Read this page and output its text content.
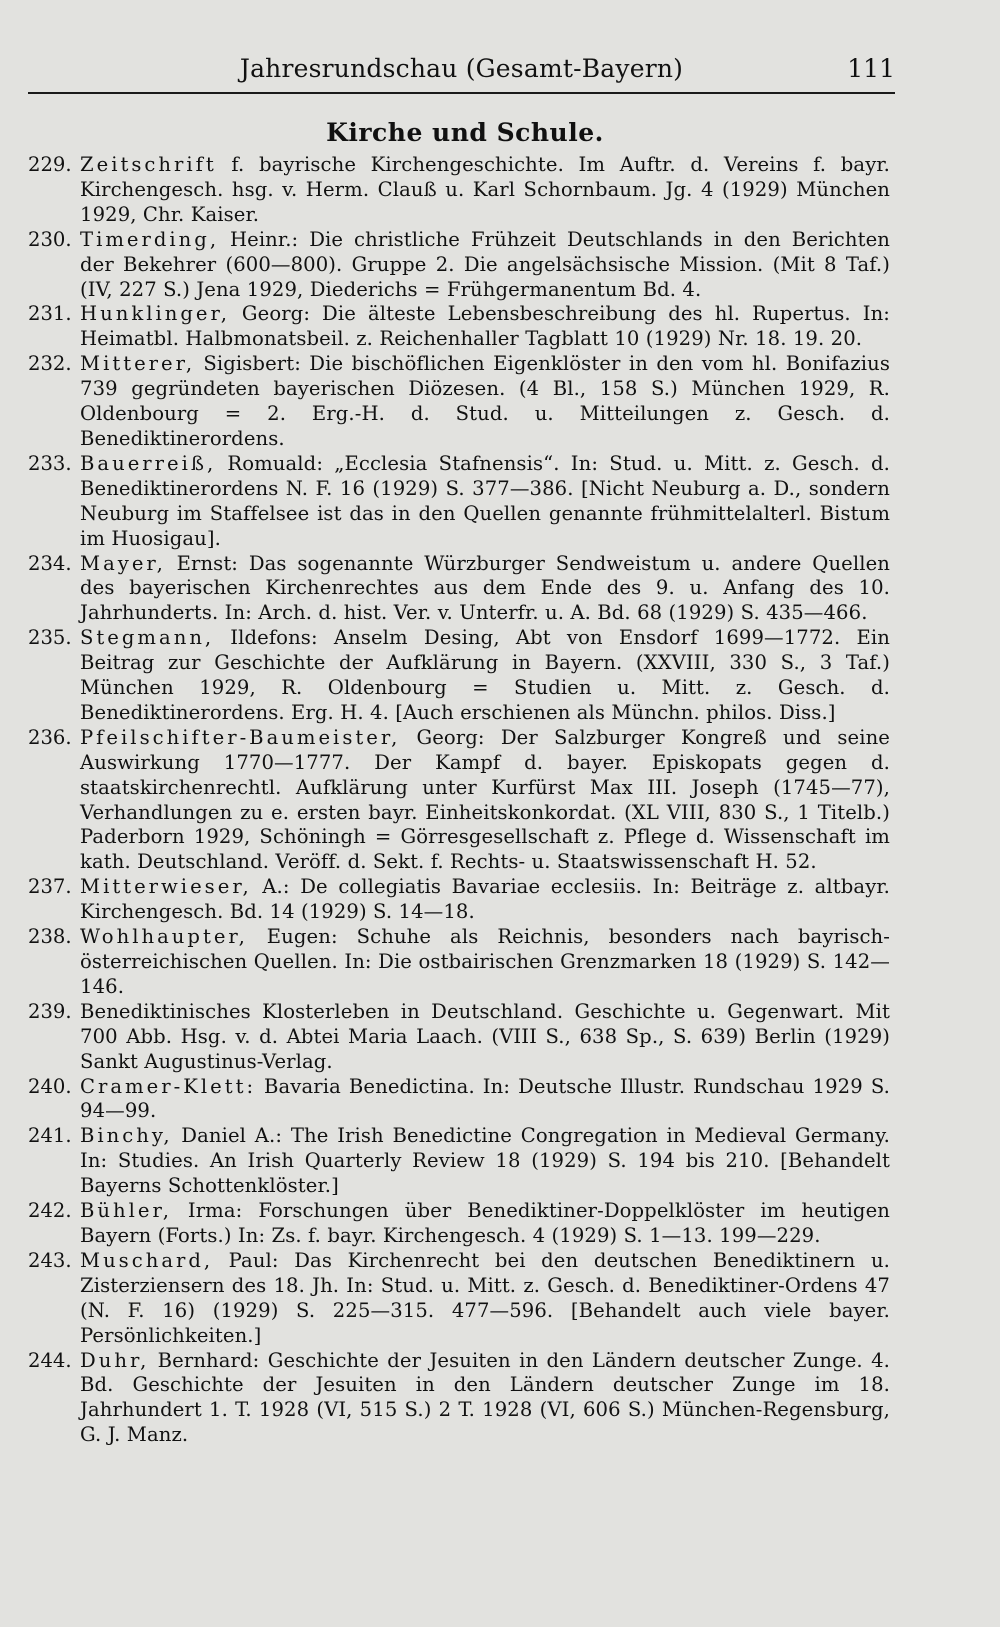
Jahresrundschau (Gesamt-Bayern)	111
Kirche und Schule.
229. Zeitschrift f. bayrische Kirchengeschichte. Im Auftr. d. Vereins f. bayr. Kirchengesch. hsg. v. Herm. Clauß u. Karl Schornbaum. Jg. 4 (1929) München 1929, Chr. Kaiser.
230. Timerding, Heinr.: Die christliche Frühzeit Deutschlands in den Berichten der Bekehrer (600—800). Gruppe 2. Die angelsächsische Mission. (Mit 8 Taf.) (IV, 227 S.) Jena 1929, Diederichs = Frühgermanentum Bd. 4.
231. Hunklinger, Georg: Die älteste Lebensbeschreibung des hl. Rupertus. In: Heimatbl. Halbmonatsbeil. z. Reichenhaller Tagblatt 10 (1929) Nr. 18. 19. 20.
232. Mitterer, Sigisbert: Die bischöflichen Eigenklöster in den vom hl. Bonifazius 739 gegründeten bayerischen Diözesen. (4 Bl., 158 S.) München 1929, R. Oldenbourg = 2. Erg.-H. d. Stud. u. Mitteilungen z. Gesch. d. Benediktinerordens.
233. Bauerreiß, Romuald: „Ecclesia Stafnensis“. In: Stud. u. Mitt. z. Gesch. d. Benediktinerordens N. F. 16 (1929) S. 377—386. [Nicht Neuburg a. D., sondern Neuburg im Staffelsee ist das in den Quellen genannte frühmittelalterl. Bistum im Huosigau].
234. Mayer, Ernst: Das sogenannte Würzburger Sendweistum u. andere Quellen des bayerischen Kirchenrechtes aus dem Ende des 9. u. Anfang des 10. Jahrhunderts. In: Arch. d. hist. Ver. v. Unterfr. u. A. Bd. 68 (1929) S. 435—466.
235. Stegmann, Ildefons: Anselm Desing, Abt von Ensdorf 1699—1772. Ein Beitrag zur Geschichte der Aufklärung in Bayern. (XXVIII, 330 S., 3 Taf.) München 1929, R. Oldenbourg = Studien u. Mitt. z. Gesch. d. Benediktinerordens. Erg. H. 4. [Auch erschienen als Münchn. philos. Diss.]
236. Pfeilschifter-Baumeister, Georg: Der Salzburger Kongreß und seine Auswirkung 1770—1777. Der Kampf d. bayer. Episkopats gegen d. staatskirchenrechtl. Aufklärung unter Kurfürst Max III. Joseph (1745—77), Verhandlungen zu e. ersten bayr. Einheitskonkordat. (XL VIII, 830 S., 1 Titelb.) Paderborn 1929, Schöningh = Görresgesellschaft z. Pflege d. Wissenschaft im kath. Deutschland. Veröff. d. Sekt. f. Rechts- u. Staatswissenschaft H. 52.
237. Mitterwieser, A.: De collegiatis Bavariae ecclesiis. In: Beiträge z. altbayr. Kirchengesch. Bd. 14 (1929) S. 14—18.
238. Wohlhaupter, Eugen: Schuhe als Reichnis, besonders nach bayrisch-österreichischen Quellen. In: Die ostbairischen Grenzmarken 18 (1929) S. 142—146.
239. Benediktinisches Klosterleben in Deutschland. Geschichte u. Gegenwart. Mit 700 Abb. Hsg. v. d. Abtei Maria Laach. (VIII S., 638 Sp., S. 639) Berlin (1929) Sankt Augustinus-Verlag.
240. Cramer-Klett: Bavaria Benedictina. In: Deutsche Illustr. Rundschau 1929 S. 94—99.
241. Binchy, Daniel A.: The Irish Benedictine Congregation in Medieval Germany. In: Studies. An Irish Quarterly Review 18 (1929) S. 194 bis 210. [Behandelt Bayerns Schottenklöster.]
242. Bühler, Irma: Forschungen über Benediktiner-Doppelklöster im heutigen Bayern (Forts.) In: Zs. f. bayr. Kirchengesch. 4 (1929) S. 1—13. 199—229.
243. Muschard, Paul: Das Kirchenrecht bei den deutschen Benediktinern u. Zisterziensern des 18. Jh. In: Stud. u. Mitt. z. Gesch. d. Benediktiner-Ordens 47 (N. F. 16) (1929) S. 225—315. 477—596. [Behandelt auch viele bayer. Persönlichkeiten.]
244. Duhr, Bernhard: Geschichte der Jesuiten in den Ländern deutscher Zunge. 4. Bd. Geschichte der Jesuiten in den Ländern deutscher Zunge im 18. Jahrhundert 1. T. 1928 (VI, 515 S.) 2 T. 1928 (VI, 606 S.) München-Regensburg, G. J. Manz.
